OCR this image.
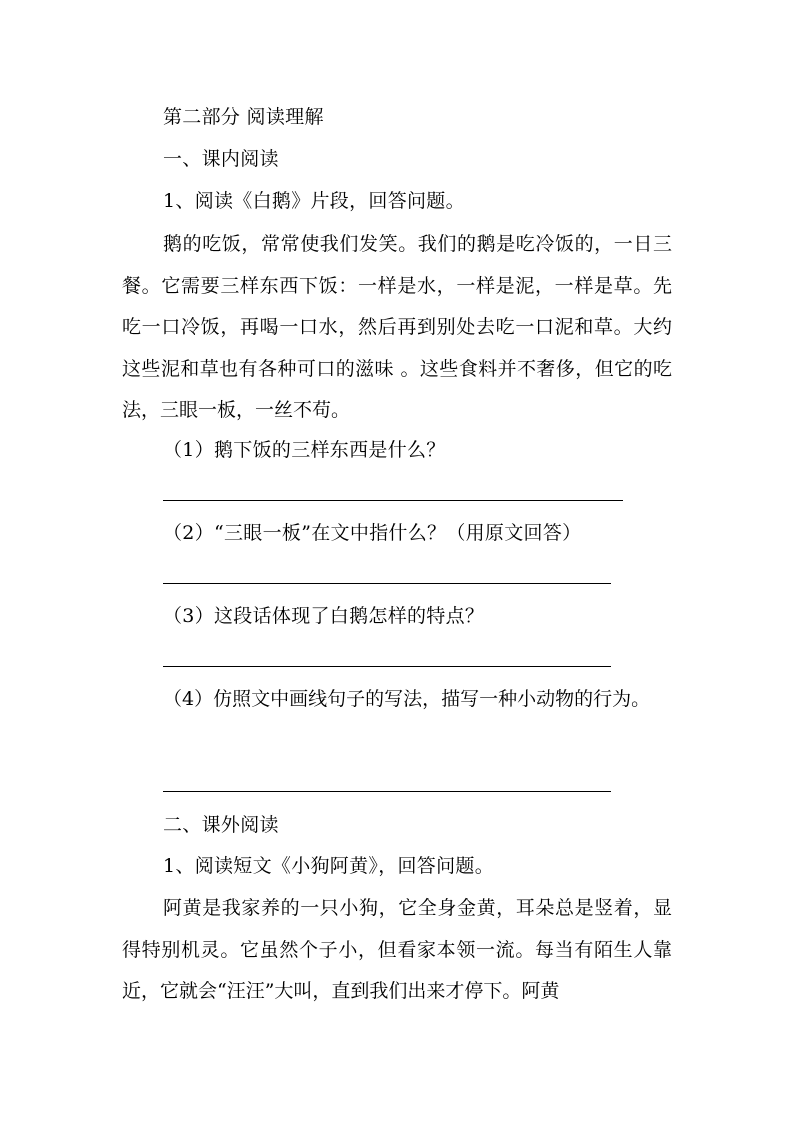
第二部分 阅读理解
一、课内阅读
1、阅读《白鹅》片段，回答问题。
鹅的吃饭，常常使我们发笑。我们的鹅是吃冷饭的，一日三餐。它需要三样东西下饭：一样是水，一样是泥，一样是草。先吃一口冷饭，再喝一口水，然后再到别处去吃一口泥和草。大约这些泥和草也有各种可口的滋味 。这些食料并不奢侈，但它的吃法，三眼一板，一丝不苟。
（1）鹅下饭的三样东西是什么？
（2）“三眼一板”在文中指什么？（用原文回答）
（3）这段话体现了白鹅怎样的特点？
（4）仿照文中画线句子的写法，描写一种小动物的行为。
二、课外阅读
1、阅读短文《小狗阿黄》，回答问题。
阿黄是我家养的一只小狗，它全身金黄，耳朵总是竖着，显得特别机灵。它虽然个子小，但看家本领一流。每当有陌生人靠近，它就会“汪汪”大叫，直到我们出来才停下。阿黄
